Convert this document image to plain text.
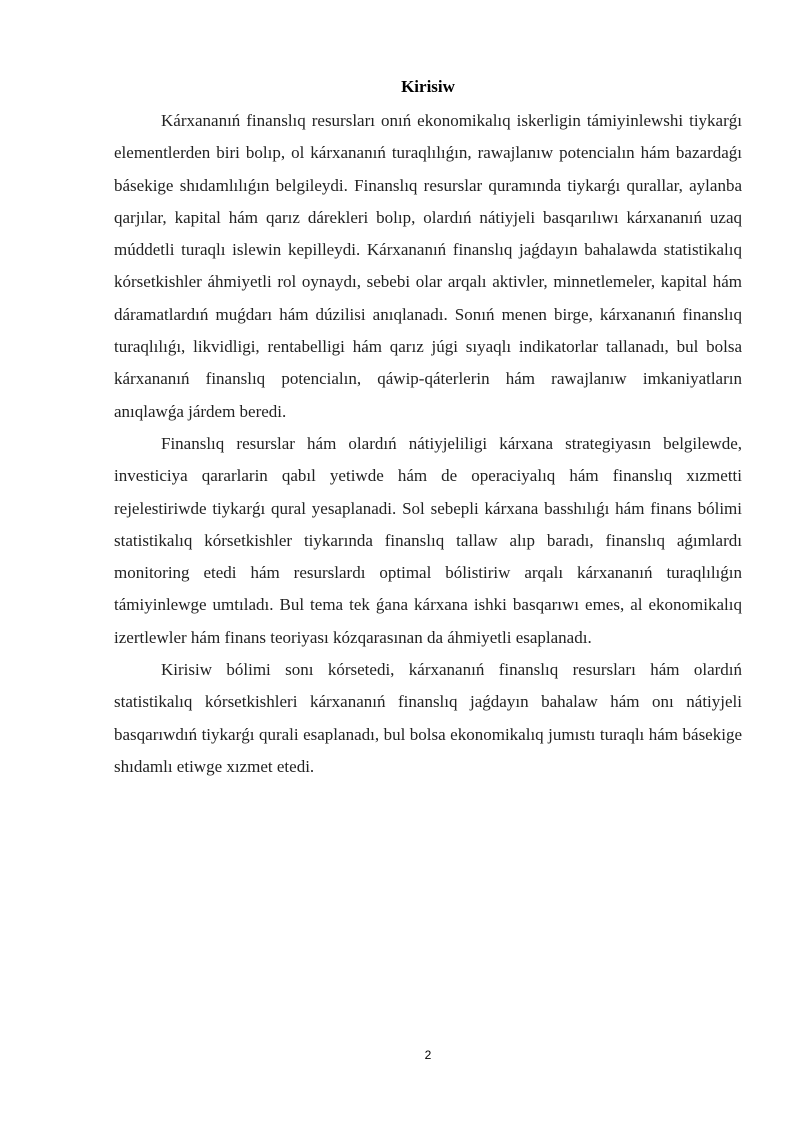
Kirisiw

Kárxananıń finanslıq resursları onıń ekonomikalıq iskerligin támiyinlewshi tiykarǵı elementlerden biri bolıp, ol kárxananıń turaqlılıǵın, rawajlanıw potencialın hám bazardaǵı básekige shıdamlılıǵın belgileydi. Finanslıq resurslar quramında tiykarǵı qurallar, aylanba qarjılar, kapital hám qarız dárekleri bolıp, olardıń nátiyjeli basqarılıwı kárxananıń uzaq múddetli turaqlı islewin kepilleydi. Kárxananıń finanslıq jaǵdayın bahalawda statistikalıq kórsetkishler áhmiyetli rol oynaydı, sebebi olar arqalı aktivler, minnetlemeler, kapital hám dáramatlardıń muǵdarı hám dúzilisi anıqlanadı. Sonıń menen birge, kárxananıń finanslıq turaqlılıǵı, likvidligi, rentabelligi hám qarız júgi sıyaqlı indikatorlar tallanadı, bul bolsa kárxananıń finanslıq potencialın, qáwip-qáterlerin hám rawajlanıw imkaniyatların anıqlawǵa járdem beredi.

Finanslıq resurslar hám olardıń nátiyjeliligi kárxana strategiyasın belgilewde, investiciya qararlarin qabıl yetiwde hám de operaciyalıq hám finanslıq xızmetti rejelestiriwde tiykarǵı qural yesaplanadi. Sol sebepli kárxana basshılıǵı hám finans bólimi statistikalıq kórsetkishler tiykarında finanslıq tallaw alıp baradı, finanslıq aǵımlardı monitoring etedi hám resurslardı optimal bólistiriw arqalı kárxananıń turaqlılıǵın támiyinlewge umtıladı. Bul tema tek ǵana kárxana ishki basqarıwı emes, al ekonomikalıq izertlewler hám finans teoriyası kózqarasınan da áhmiyetli esaplanadı.

Kirisiw bólimi sonı kórsetedi, kárxananıń finanslıq resursları hám olardıń statistikalıq kórsetkishleri kárxananıń finanslıq jaǵdayın bahalaw hám onı nátiyjeli basqarıwdıń tiykarǵı qurali esaplanadı, bul bolsa ekonomikalıq jumıstı turaqlı hám básekige shıdamlı etiwge xızmet etedi.

2
